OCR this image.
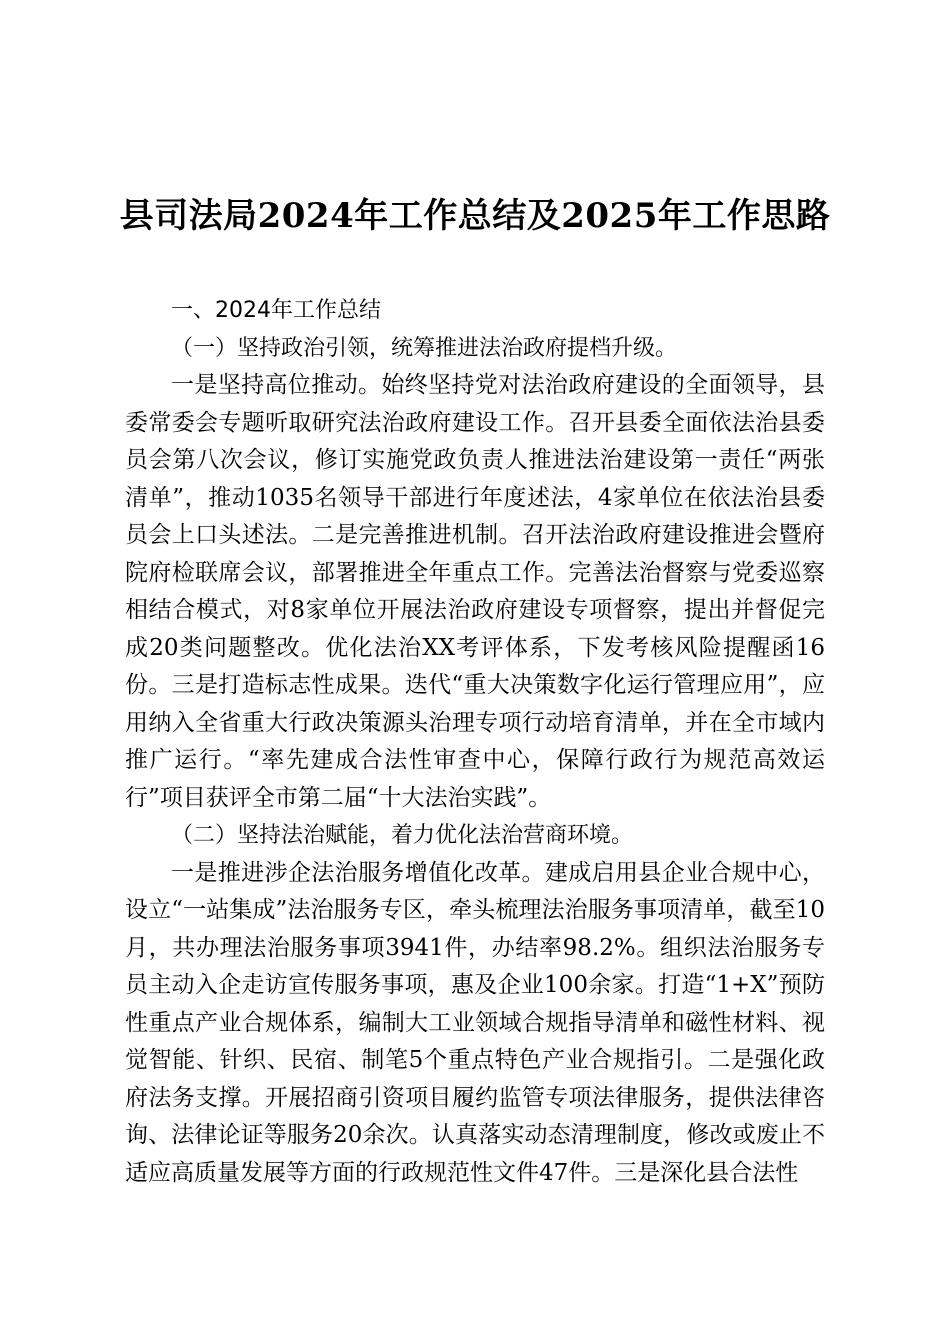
县司法局2024年工作总结及2025年工作思路

一、2024年工作总结

（一）坚持政治引领，统筹推进法治政府提档升级。

一是坚持高位推动。始终坚持党对法治政府建设的全面领导，县委常委会专题听取研究法治政府建设工作。召开县委全面依法治县委员会第八次会议，修订实施党政负责人推进法治建设第一责任“两张清单”，推动1035名领导干部进行年度述法，4家单位在依法治县委员会上口头述法。二是完善推进机制。召开法治政府建设推进会暨府院府检联席会议，部署推进全年重点工作。完善法治督察与党委巡察相结合模式，对8家单位开展法治政府建设专项督察，提出并督促完成20类问题整改。优化法治XX考评体系，下发考核风险提醒函16份。三是打造标志性成果。迭代“重大决策数字化运行管理应用”，应用纳入全省重大行政决策源头治理专项行动培育清单，并在全市域内推广运行。“率先建成合法性审查中心，保障行政行为规范高效运行”项目获评全市第二届“十大法治实践”。

（二）坚持法治赋能，着力优化法治营商环境。

一是推进涉企法治服务增值化改革。建成启用县企业合规中心，设立“一站集成”法治服务专区，牵头梳理法治服务事项清单，截至10月，共办理法治服务事项3941件，办结率98.2%。组织法治服务专员主动入企走访宣传服务事项，惠及企业100余家。打造“1+X”预防性重点产业合规体系，编制大工业领域合规指导清单和磁性材料、视觉智能、针织、民宿、制笔5个重点特色产业合规指引。二是强化政府法务支撑。开展招商引资项目履约监管专项法律服务，提供法律咨询、法律论证等服务20余次。认真落实动态清理制度，修改或废止不适应高质量发展等方面的行政规范性文件47件。三是深化县合法性
